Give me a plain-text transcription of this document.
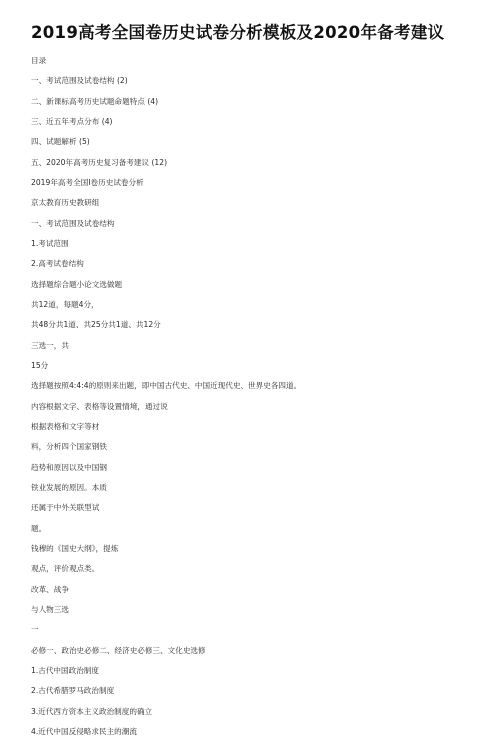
2019高考全国卷历史试卷分析模板及2020年备考建议
目录
一、考试范围及试卷结构 (2)
二、新课标高考历史试题命题特点 (4)
三、近五年考点分布 (4)
四、试题解析 (5)
五、2020年高考历史复习备考建议 (12)
2019年高考全国I卷历史试卷分析
京太教育历史教研组
一、考试范围及试卷结构
1.考试范围
2.高考试卷结构
选择题综合题小论文选做题
共12道，每题4分，
共48分共1道、共25分共1道、共12分
三选一，共
15分
选择题按照4:4:4的原则来出题，即中国古代史、中国近现代史、世界史各四道。
内容根据文字、表格等设置情境，通过说
根据表格和文字等材
料，分析四个国家钢铁
趋势和原因以及中国钢
铁业发展的原因。本质
还属于中外关联型试
题。
钱穆的《国史大纲》，提炼
观点，评价观点类。
改革、战争
与人物三选
一
必修一、政治史必修二、经济史必修三、文化史选修
1.古代中国政治制度
2.古代希腊罗马政治制度
3.近代西方资本主义政治制度的确立
4.近代中国反侵略求民主的潮流
